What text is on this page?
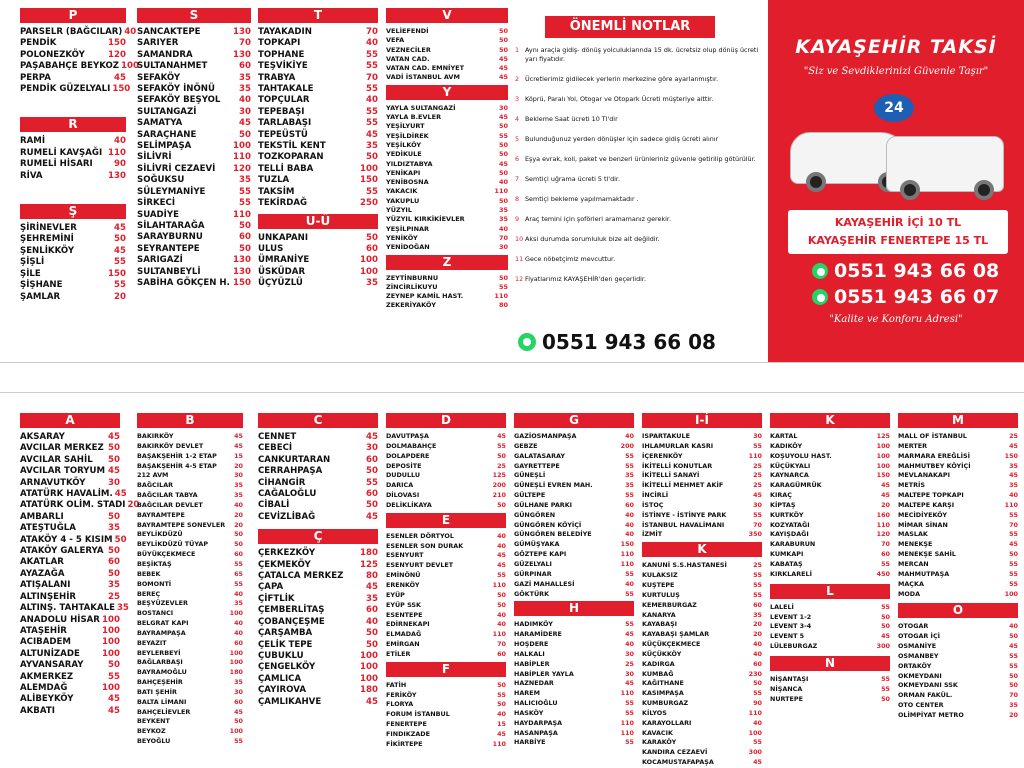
P
PARSELR (BAĞCILAR) 40
PENDİK	150
POLONEZKÖY	120
PAŞABAHÇE BEYKOZ 100
PERPA	45
PENDİK GÜZELYALI 150
R
RAMİ	40
RUMELİ KAVŞAĞI 110
RUMELİ HİSARI 90
RİVA	130
Ş
ŞİRİNEVLER	45
ŞEHREMİNİ	50
ŞENLİKKÖY	45
ŞİŞLİ	55
ŞİLE	150
ŞİŞHANE	55
ŞAMLAR	20
S
SANCAKTEPE	130
SARIYER	70
SAMANDRA	130
SULTANAHMET	60
SEFAKÖY	35
SEFAKÖY İNÖNÜ	35
SEFAKÖY BEŞYOL 40
SULTANGAZİ	30
SAMATYA	45
SARAÇHANE	50
SELİMPAŞA	100
SİLİVRİ	110
SİLİVRİ CEZAEVİ 120
SOĞUKSU	35
SÜLEYMANİYE	55
SİRKECİ	55
SUADİYE	110
SİLAHTARAĞA	50
SARAYBURNU	60
SEYRANTEPE	50
SARIGAZİ	130
SULTANBEYLİ	130
SABİHA GÖKÇEN H. 150
T
TAYAKADIN	70
TOPKAPI	40
TOPHANE	55
TEŞVİKİYE	55
TRABYA	70
TAHTAKALE	55
TOPÇULAR	40
TEPEBAŞI	55
TARLABAŞI	55
TEPEÜSTÜ	45
TEKSTİL KENT	35
TOZKOPARAN	50
TELLİ BABA	100
TUZLA	150
TAKSİM	55
TEKİRDAĞ	250
U-Ü
UNKAPANI	50
ULUS	60
ÜMRANİYE	100
ÜSKÜDAR	100
ÜÇYÜZLÜ	35
V
VELİEFENDİ	50
VEFA	50
VEZNECİLER	50
VATAN CAD.	45
VATAN CAD. EMNİYET	45
VADİ İSTANBUL AVM	45
Y
YAYLA SULTANGAZİ	30
YAYLA B.EVLER	45
YEŞİLYURT	50
YEŞİLDİREK	55
YEŞİLKÖY	50
YEDİKULE	50
YILDIZTABYA	45
YENİKAPI	50
YENİBOSNA	40
YAKACIK	110
YAKUPLU	50
YÜZYIL	35
YÜZYIL KIRKİKİEVLER	35
YEŞİLPINAR	40
YENİKÖY	70
YENİDOĞAN	30
Z
ZEYTİNBURNU	50
ZİNCİRLİKUYU	55
ZEYNEP KAMİL HAST.	110
ZEKERİYAKÖY	80
ÖNEMLİ NOTLAR
1 Aynı araçla gidiş- dönüş yolculuklarında 15 dk. ücretsiz olup dönüş ücreti yarı fiyatıdır.
2 Ücretlerimiz gidilecek yerlerin merkezine göre ayarlanmıştır.
3 Köprü, Paralı Yol, Otogar ve Otopark Ücreti müşteriye aittir.
4 Bekleme Saat ücreti 10 Tl'dir
5 Bulunduğunuz yerden dönüşler için sadece gidiş ücreti alınır
6 Eşya evrak, koli, paket ve benzeri ürünleriniz güvenle getirilip götürülür.
7 Semtiçi uğrama ücreti 5 tl'dir.
8 Semtiçi bekleme yapılmamaktadır .
9 Araç temini için şoförleri aramamanız gerekir.
10 Aksi durumda sorumluluk bize ait değildir.
11 Gece nöbetçimiz mevcuttur.
12 Fiyatlarımız KAYAŞEHİR'den geçerlidir.
0551 943 66 08
KAYAŞEHİR TAKSİ
"Siz ve Sevdiklerinizi Güvenle Taşır"
24
KAYAŞEHİR İÇİ 10 TL
KAYAŞEHİR FENERTEPE 15 TL
0551 943 66 08
0551 943 66 07
"Kalite ve Konforu Adresi"
A
AKSARAY	45
AVCILAR MERKEZ 50
AVCILAR SAHİL 50
AVCILAR TORYUM 45
ARNAVUTKÖY	30
ATATÜRK HAVALİM. 45
ATATÜRK OLİM. STADI 20
AMBARLI	50
ATEŞTUĞLA	35
ATAKÖY 4 - 5 KISIM 50
ATAKÖY GALERYA 50
AKATLAR	60
AYAZAĞA	50
ATIŞALANI	35
ALTINŞEHİR	25
ALTINŞ. TAHTAKALE 35
ANADOLU HİSAR 100
ATAŞEHİR	100
ACIBADEM	100
ALTUNİZADE	100
AYVANSARAY	50
AKMERKEZ	55
ALEMDAĞ	100
ALİBEYKÖY	45
AKBATI	45
B
BAKIRKÖY	45
BAKIRKÖY DEVLET	45
BAŞAKŞEHİR 1-2 ETAP	15
BAŞAKŞEHİR 4-5 ETAP	20
212 AVM	30
BAĞCILAR	35
BAĞCILAR TABYA	35
BAĞCILAR DEVLET	40
BAYRAMTEPE	20
BAYRAMTEPE SONEVLER	20
BEYLİKDÜZÜ	50
BEYLİKDÜZÜ TÜYAP	50
BÜYÜKÇEKMECE	60
BEŞİKTAŞ	55
BEBEK	65
BOMONTİ	55
BEREÇ	40
BEŞYÜZEVLER	35
BOSTANCI	100
BELGRAT KAPI	40
BAYRAMPAŞA	40
BEYAZIT	60
BEYLERBEYİ	100
BAĞLARBAŞI	100
BAYRAMOĞLU	180
BAHÇEŞEHİR	35
BATI ŞEHİR	30
BALTA LİMANI	60
BAHÇELİEVLER	45
BEYKENT	50
BEYKOZ	100
BEYOĞLU	55
C
CENNET	45
CEBECİ	30
CANKURTARAN	60
CERRAHPAŞA	50
CİHANGİR	55
CAĞALOĞLU	60
CİBALİ	50
CEVİZLİBAĞ	45
Ç
ÇERKEZKÖY	180
ÇEKMEKÖY	125
ÇATALCA MERKEZ	80
ÇAPA	45
ÇİFTLİK	35
ÇEMBERLİTAŞ	60
ÇOBANÇEŞME	40
ÇARŞAMBA	50
ÇELİK TEPE	50
ÇUBUKLU	100
ÇENGELKÖY	100
ÇAMLICA	100
ÇAYIROVA	180
ÇAMLIKAHVE	45
D
DAVUTPAŞA	45
DOLMABAHÇE	55
DOLAPDERE	50
DEPOSİTE	25
DUDULLU	125
DARICA	200
DİLOVASI	210
DELİKLİKAYA	50
E
ESENLER DÖRTYOL	40
ESENLER SON DURAK	40
ESENYURT	45
ESENYURT DEVLET	45
EMİNÖNÜ	55
ERENKÖY	110
EYÜP	50
EYÜP SSK	50
ESENTEPE	40
EDİRNEKAPI	40
ELMADAĞ	110
EMİRGAN	70
ETİLER	60
F
FATİH	50
FERİKÖY	55
FLORYA	50
FORUM İSTANBUL	40
FENERTEPE	15
FINDIKZADE	45
FİKİRTEPE	110
G
GAZİOSMANPAŞA	40
GEBZE	200
GALATASARAY	55
GAYRETTEPE	55
GÜNEŞLİ	35
GÜNEŞLİ EVREN MAH.	35
GÜLTEPE	55
GÜLHANE PARKI	60
GÜNGÖREN	40
GÜNGÖREN KÖYİÇİ	40
GÜNGÖREN BELEDİYE	40
GÜMÜŞYAKA	150
GÖZTEPE KAPI	110
GÜZELYALI	110
GÜRPINAR	55
GAZİ MAHALLESİ	40
GÖKTÜRK	55
H
HADIMKÖY	55
HARAMİDERE	45
HOŞDERE	40
HALKALI	30
HABİPLER	25
HABİPLER YAYLA	30
HAZNEDAR	45
HAREM	110
HALICIOĞLU	55
HASKÖY	55
HAYDARPAŞA	110
HASANPAŞA	110
HARBİYE	55
I-İ
ISPARTAKULE	30
IHLAMURLAR KASRI	55
İÇERENKÖY	110
İKİTELLİ KONUTLAR	25
İKİTELLİ SANAYİ	25
İKİTELLİ MEHMET AKİF	25
İNCİRLİ	45
İSTOÇ	30
İSTİNYE - İSTİNYE PARK	55
İSTANBUL HAVALİMANI	70
İZMİT	350
K
KANUNİ S.S.HASTANESİ	25
KULAKSIZ	55
KUŞTEPE	55
KURTULUŞ	55
KEMERBURGAZ	60
KANARYA	35
KAYABAŞI	20
KAYABAŞI ŞAMLAR	20
KÜÇÜKÇEKMECE	40
KÜÇÜKKÖY	40
KADIRGA	60
KUMBAĞ	230
KAĞITHANE	50
KASIMPAŞA	55
KUMBURGAZ	90
KİLYOS	110
KARAYOLLARI	40
KAVACIK	100
KARAKÖY	55
KANDIRA CEZAEVİ	300
KOCAMUSTAFAPAŞA	45
K
KARTAL	125
KADIKÖY	100
KOŞUYOLU HAST.	100
KÜÇÜKYALI	100
KAYNARCA	150
KARAGÜMRÜK	45
KIRAÇ	45
KİPTAŞ	20
KURTKÖY	160
KOZYATAĞI	110
KAYIŞDAĞI	120
KARABURUN	70
KUMKAPI	60
KABATAŞ	55
KIRKLARELİ	450
L
LALELİ	55
LEVENT 1-2	50
LEVENT 3-4	50
LEVENT 5	45
LÜLEBURGAZ	300
N
NİŞANTAŞI	55
NİŞANCA	55
NURTEPE	50
M
MALL OF İSTANBUL	25
MERTER	45
MARMARA EREĞLİSİ	150
MAHMUTBEY KÖYİÇİ	35
MEVLANAKAPI	45
METRİS	35
MALTEPE TOPKAPI	40
MALTEPE KARŞI	110
MECİDİYEKÖY	55
MİMAR SİNAN	70
MASLAK	55
MENEKŞE	45
MENEKŞE SAHİL	50
MERCAN	55
MAHMUTPAŞA	55
MAÇKA	55
MODA	100
O
OTOGAR	40
OTOGAR İÇİ	50
OSMANİYE	45
OSMANBEY	55
ORTAKÖY	55
OKMEYDANI	50
OKMEYDANI SSK	50
ORMAN FAKÜL.	70
OTO CENTER	35
OLİMPİYAT METRO	20
